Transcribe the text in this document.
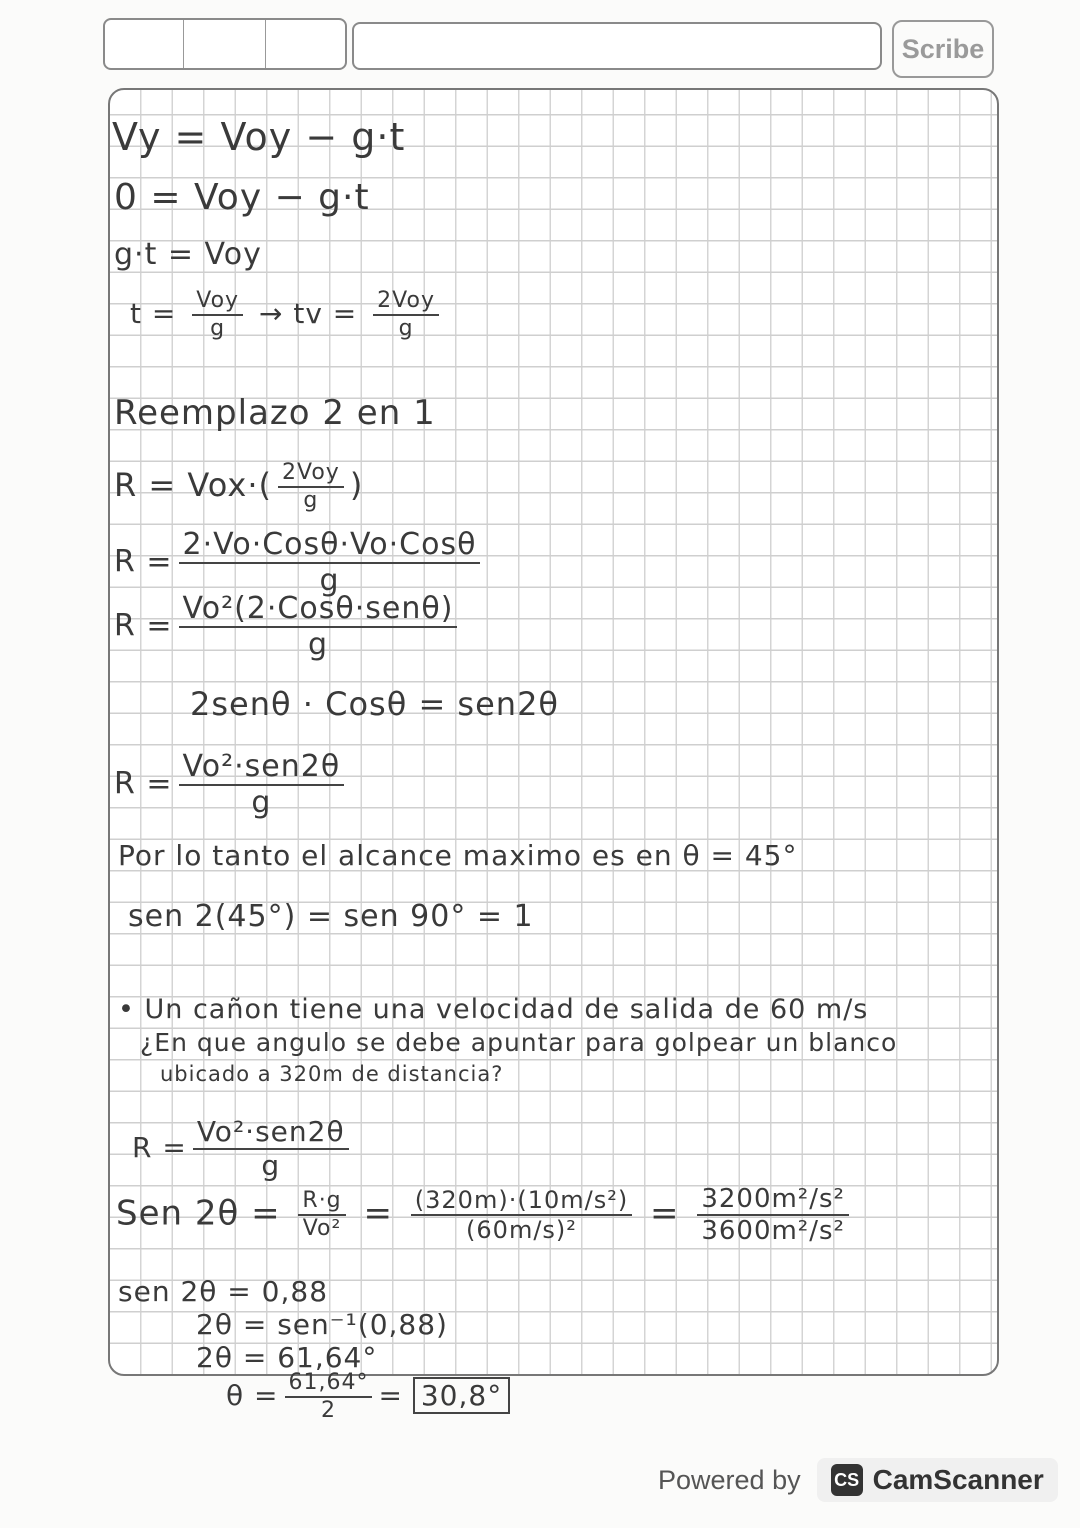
Scribe
Vy = Voy − g·t
0 = Voy − g·t
g·t = Voy
$t = \frac{\text{Voy}}{g}$ → tv = $\frac{\text{2Voy}}{g}$
Reemplazo 2 en 1
$R = Vox\cdot( \frac{\text{2Voy}}{g}$ )
$R = \frac{\text{2·Vo·Cosθ·Vo·Cosθ}}{g}$
$R = \frac{\text{Vo²(2·Cosθ·senθ)}}{g}$
2senθ · Cosθ = sen2θ
$R = \frac{\text{Vo²·sen2θ}}{g}$
Por lo tanto el alcance maximo es en θ = 45°
sen 2(45°) = sen 90° = 1
• Un cañon tiene una velocidad de salida de 60 m/s
¿En que angulo se debe apuntar para golpear un blanco
ubicado a 320m de distancia?
$R = \frac{\text{Vo²·sen2θ}}{g}$
Sen $2\theta = \frac{R\cdot g}{\text{Vo²}} = \frac{\text{(320m)·(10m/s²)}}{\text{(60m/s)²}} = \frac{\text{3200m²/s²}}{\text{3600m²/s²}}$
sen 2θ = 0,88
2θ = sen⁻¹(0,88)
2θ = 61,64°
$\theta = \frac{61,64^\circ}{2} = 30,8^\circ$
Powered by CS CamScanner
